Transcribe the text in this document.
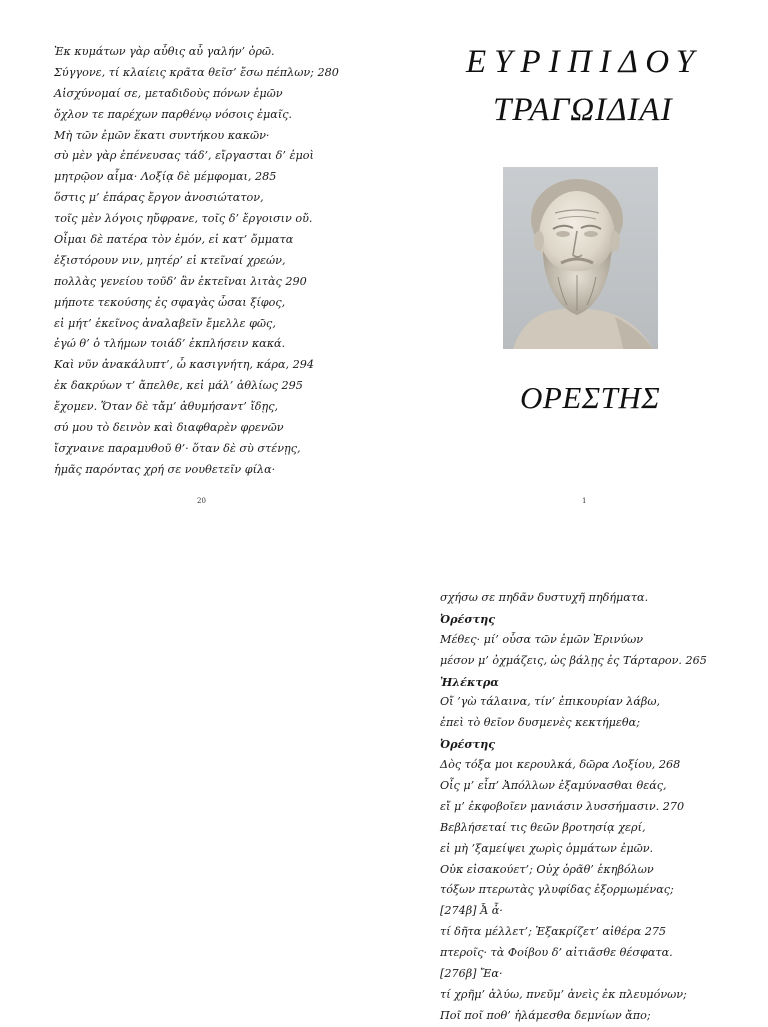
Ἐκ κυμάτων γὰρ αὖθις αὖ γαλήν’ ὁρῶ.
Σύγγονε, τί κλαίεις κρᾶτα θεῖσ’ ἔσω πέπλων; 280
Αἰσχύνομαί σε, μεταδιδοὺς πόνων ἐμῶν
ὄχλον τε παρέχων παρθένῳ νόσοις ἐμαῖς.
Μὴ τῶν ἐμῶν ἕκατι συντήκου κακῶν·
σὺ μὲν γὰρ ἐπένευσας τάδ’, εἴργασται δ’ ἐμοὶ
μητρῷον αἷμα· Λοξίᾳ δὲ μέμφομαι, 285
ὅστις μ’ ἐπάρας ἔργον ἀνοσιώτατον,
τοῖς μὲν λόγοις ηὔφρανε, τοῖς δ’ ἔργοισιν οὔ.
Οἶμαι δὲ πατέρα τὸν ἐμόν, εἰ κατ’ ὄμματα
ἐξιστόρουν νιν, μητέρ’ εἰ κτεῖναί χρεών,
πολλὰς γενείου τοῦδ’ ἂν ἐκτεῖναι λιτὰς 290
μήποτε τεκούσης ἐς σφαγὰς ὦσαι ξίφος,
εἰ μήτ’ ἐκεῖνος ἀναλαβεῖν ἔμελλε φῶς,
ἐγώ θ’ ὁ τλήμων τοιάδ’ ἐκπλήσειν κακά.
Καὶ νῦν ἀνακάλυπτ’, ὦ κασιγνήτη, κάρα, 294
ἐκ δακρύων τ’ ἄπελθε, κεἰ μάλ’ ἀθλίως 295
ἔχομεν. Ὅταν δὲ τἄμ’ ἀθυμήσαντ’ ἴδῃς,
σύ μου τὸ δεινὸν καὶ διαφθαρὲν φρενῶν
ἴσχναινε παραμυθοῦ θ’· ὅταν δὲ σὺ στένῃς,
ἡμᾶς παρόντας χρή σε νουθετεῖν φίλα·
ΕΥΡΙΠΙΔΟΥ
ΤΡΑΓΩΙΔΙΑΙ
ΟΡΕΣΤΗΣ
20	1
σχήσω σε πηδᾶν δυστυχῆ πηδήματα.
Ὀρέστης
Μέθες· μί’ οὖσα τῶν ἐμῶν Ἐρινύων
μέσον μ’ ὀχμάζεις, ὡς βάλῃς ἐς Τάρταρον. 265
Ἠλέκτρα
Οἴ ’γὼ τάλαινα, τίν’ ἐπικουρίαν λάβω,
ἐπεὶ τὸ θεῖον δυσμενὲς κεκτήμεθα;
Ὀρέστης
Δὸς τόξα μοι κερουλκά, δῶρα Λοξίου, 268
Οἷς μ’ εἶπ’ Ἀπόλλων ἐξαμύνασθαι θεάς,
εἴ μ’ ἐκφοβοῖεν μανιάσιν λυσσήμασιν. 270
Βεβλήσεταί τις θεῶν βροτησίᾳ χερί,
εἰ μὴ ’ξαμείψει χωρὶς ὀμμάτων ἐμῶν.
Οὐκ εἰσακούετ’; Οὐχ ὁρᾶθ’ ἑκηβόλων
τόξων πτερωτὰς γλυφίδας ἐξορμωμένας;
[274β] Ἆ ἆ·
τί δῆτα μέλλετ’; Ἐξακρίζετ’ αἰθέρα 275
πτεροῖς· τὰ Φοίβου δ’ αἰτιᾶσθε θέσφατα.
[276β] Ἔα·
τί χρῆμ’ ἀλύω, πνεῦμ’ ἀνεὶς ἐκ πλευμόνων;
Ποῖ ποῖ ποθ’ ἡλάμεσθα δεμνίων ἄπο;
